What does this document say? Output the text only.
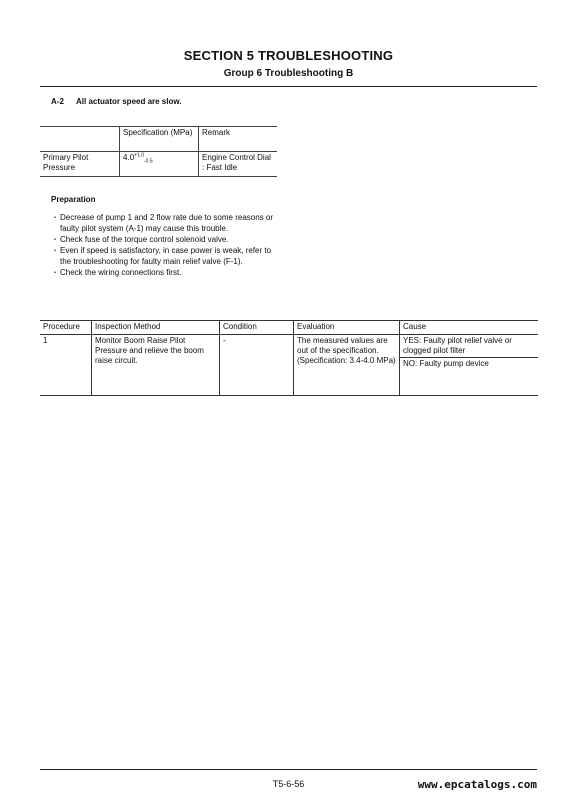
SECTION 5 TROUBLESHOOTING
Group 6 Troubleshooting B
A-2 All actuator speed are slow.
	Specification (MPa)	Remark
Primary Pilot Pressure	$4.0^{+1.0}_{-0.5}$	Engine Control Dial : Fast Idle
Preparation
・Decrease of pump 1 and 2 flow rate due to some reasons or faulty pilot system (A-1) may cause this trouble.
・Check fuse of the torque control solenoid valve.
・Even if speed is satisfactory, in case power is weak, refer to the troubleshooting for faulty main relief valve (F-1).
・Check the wiring connections first.
Procedure	Inspection Method	Condition	Evaluation	Cause
1	Monitor Boom Raise Pilot Pressure and relieve the boom raise circuit.	-	The measured values are out of the specification. (Specification: 3.4-4.0 MPa)	YES: Faulty pilot relief valve or clogged pilot filter
NO: Faulty pump device
T5-6-56	www.epcatalogs.com
